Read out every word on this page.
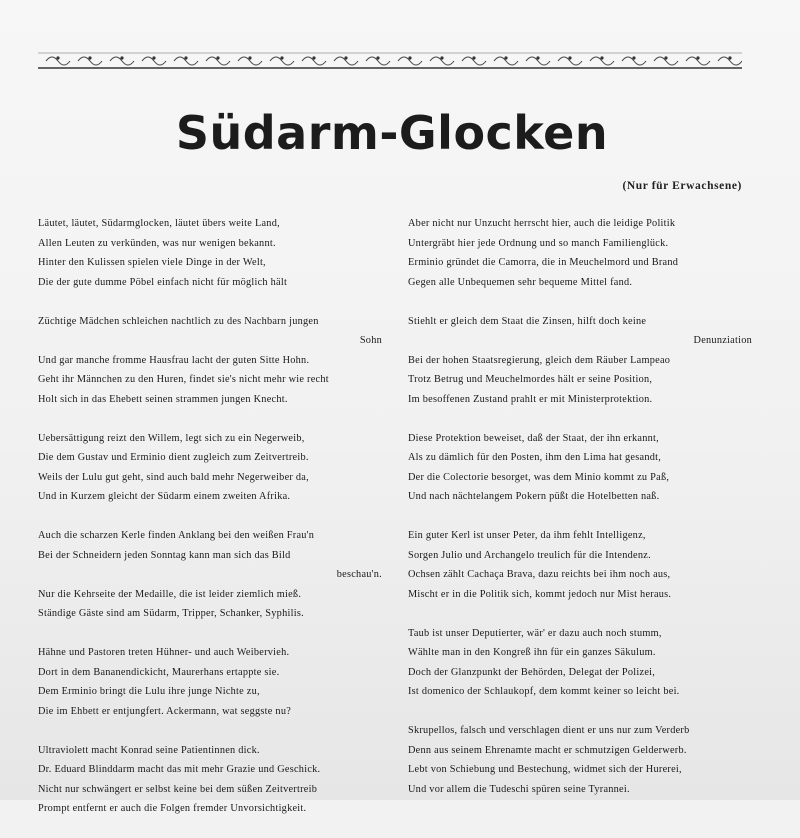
Südarm-Glocken
(Nur für Erwachsene)
Läutet, läutet, Südarmglocken, läutet übers weite Land,
Allen Leuten zu verkünden, was nur wenigen bekannt.
Hinter den Kulissen spielen viele Dinge in der Welt,
Die der gute dumme Pöbel einfach nicht für möglich hält
Züchtige Mädchen schleichen nachtlich zu des Nachbarn jungen
Sohn
Und gar manche fromme Hausfrau lacht der guten Sitte Hohn.
Geht ihr Männchen zu den Huren, findet sie's nicht mehr wie recht
Holt sich in das Ehebett seinen strammen jungen Knecht.
Uebersättigung reizt den Willem, legt sich zu ein Negerweib,
Die dem Gustav und Erminio dient zugleich zum Zeitvertreib.
Weils der Lulu gut geht, sind auch bald mehr Negerweiber da,
Und in Kurzem gleicht der Südarm einem zweiten Afrika.
Auch die scharzen Kerle finden Anklang bei den weißen Frau'n
Bei der Schneidern jeden Sonntag kann man sich das Bild
beschau'n.
Nur die Kehrseite der Medaille, die ist leider ziemlich mieß.
Ständige Gäste sind am Südarm, Tripper, Schanker, Syphilis.
Hähne und Pastoren treten Hühner- und auch Weibervieh.
Dort in dem Bananendickicht, Maurerhans ertappte sie.
Dem Erminio bringt die Lulu ihre junge Nichte zu,
Die im Ehbett er entjungfert. Ackermann, wat seggste nu?
Ultraviolett macht Konrad seine Patientinnen dick.
Dr. Eduard Blinddarm macht das mit mehr Grazie und Geschick.
Nicht nur schwängert er selbst keine bei dem süßen Zeitvertreib
Prompt entfernt er auch die Folgen fremder Unvorsichtigkeit.
Aber nicht nur Unzucht herrscht hier, auch die leidige Politik
Untergräbt hier jede Ordnung und so manch Familienglück.
Erminio gründet die Camorra, die in Meuchelmord und Brand
Gegen alle Unbequemen sehr bequeme Mittel fand.
Stiehlt er gleich dem Staat die Zinsen, hilft doch keine
Denunziation
Bei der hohen Staatsregierung, gleich dem Räuber Lampeao
Trotz Betrug und Meuchelmordes hält er seine Position,
Im besoffenen Zustand prahlt er mit Ministerprotektion.
Diese Protektion beweiset, daß der Staat, der ihn erkannt,
Als zu dämlich für den Posten, ihm den Lima hat gesandt,
Der die Colectorie besorget, was dem Minio kommt zu Paß,
Und nach nächtelangem Pokern püßt die Hotelbetten naß.
Ein guter Kerl ist unser Peter, da ihm fehlt Intelligenz,
Sorgen Julio und Archangelo treulich für die Intendenz.
Ochsen zählt Cachaça Brava, dazu reichts bei ihm noch aus,
Mischt er in die Politik sich, kommt jedoch nur Mist heraus.
Taub ist unser Deputierter, wär' er dazu auch noch stumm,
Wählte man in den Kongreß ihn für ein ganzes Säkulum.
Doch der Glanzpunkt der Behörden, Delegat der Polizei,
Ist domenico der Schlaukopf, dem kommt keiner so leicht bei.
Skrupellos, falsch und verschlagen dient er uns nur zum Verderb
Denn aus seinem Ehrenamte macht er schmutzigen Gelderwerb.
Lebt von Schiebung und Bestechung, widmet sich der Hurerei,
Und vor allem die Tudeschi spüren seine Tyrannei.
